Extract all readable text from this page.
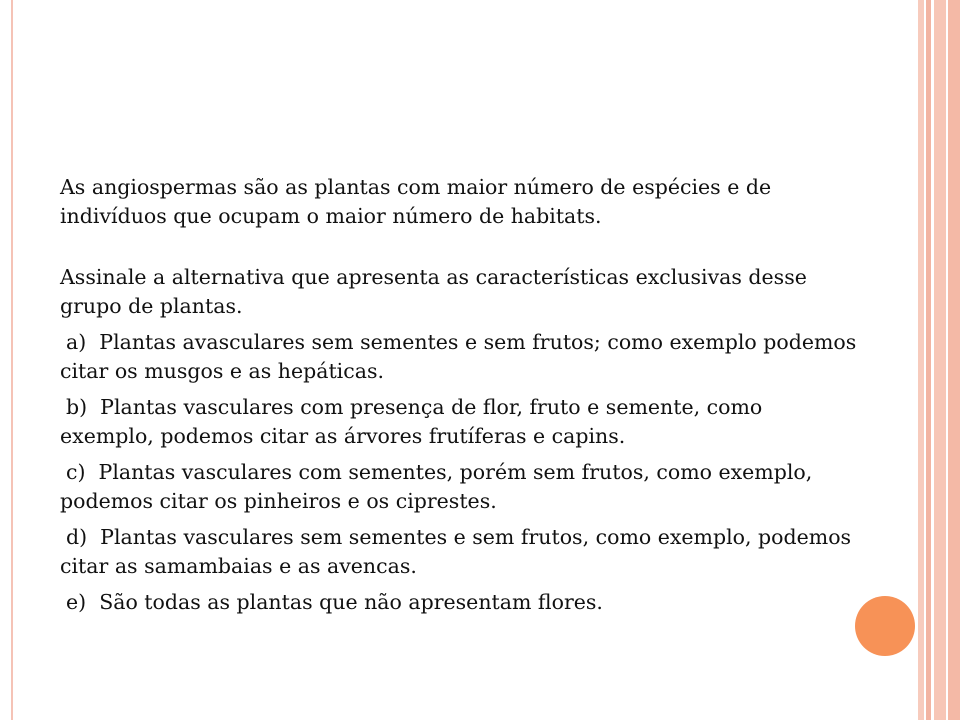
As angiospermas são as plantas com maior número de espécies e de indivíduos que ocupam o maior número de habitats.

Assinale a alternativa que apresenta as características exclusivas desse grupo de plantas.

a) Plantas avasculares sem sementes e sem frutos; como exemplo podemos citar os musgos e as hepáticas.

b) Plantas vasculares com presença de flor, fruto e semente, como exemplo, podemos citar as árvores frutíferas e capins.

c) Plantas vasculares com sementes, porém sem frutos, como exemplo, podemos citar os pinheiros e os ciprestes.

d) Plantas vasculares sem sementes e sem frutos, como exemplo, podemos citar as samambaias e as avencas.

e) São todas as plantas que não apresentam flores.
